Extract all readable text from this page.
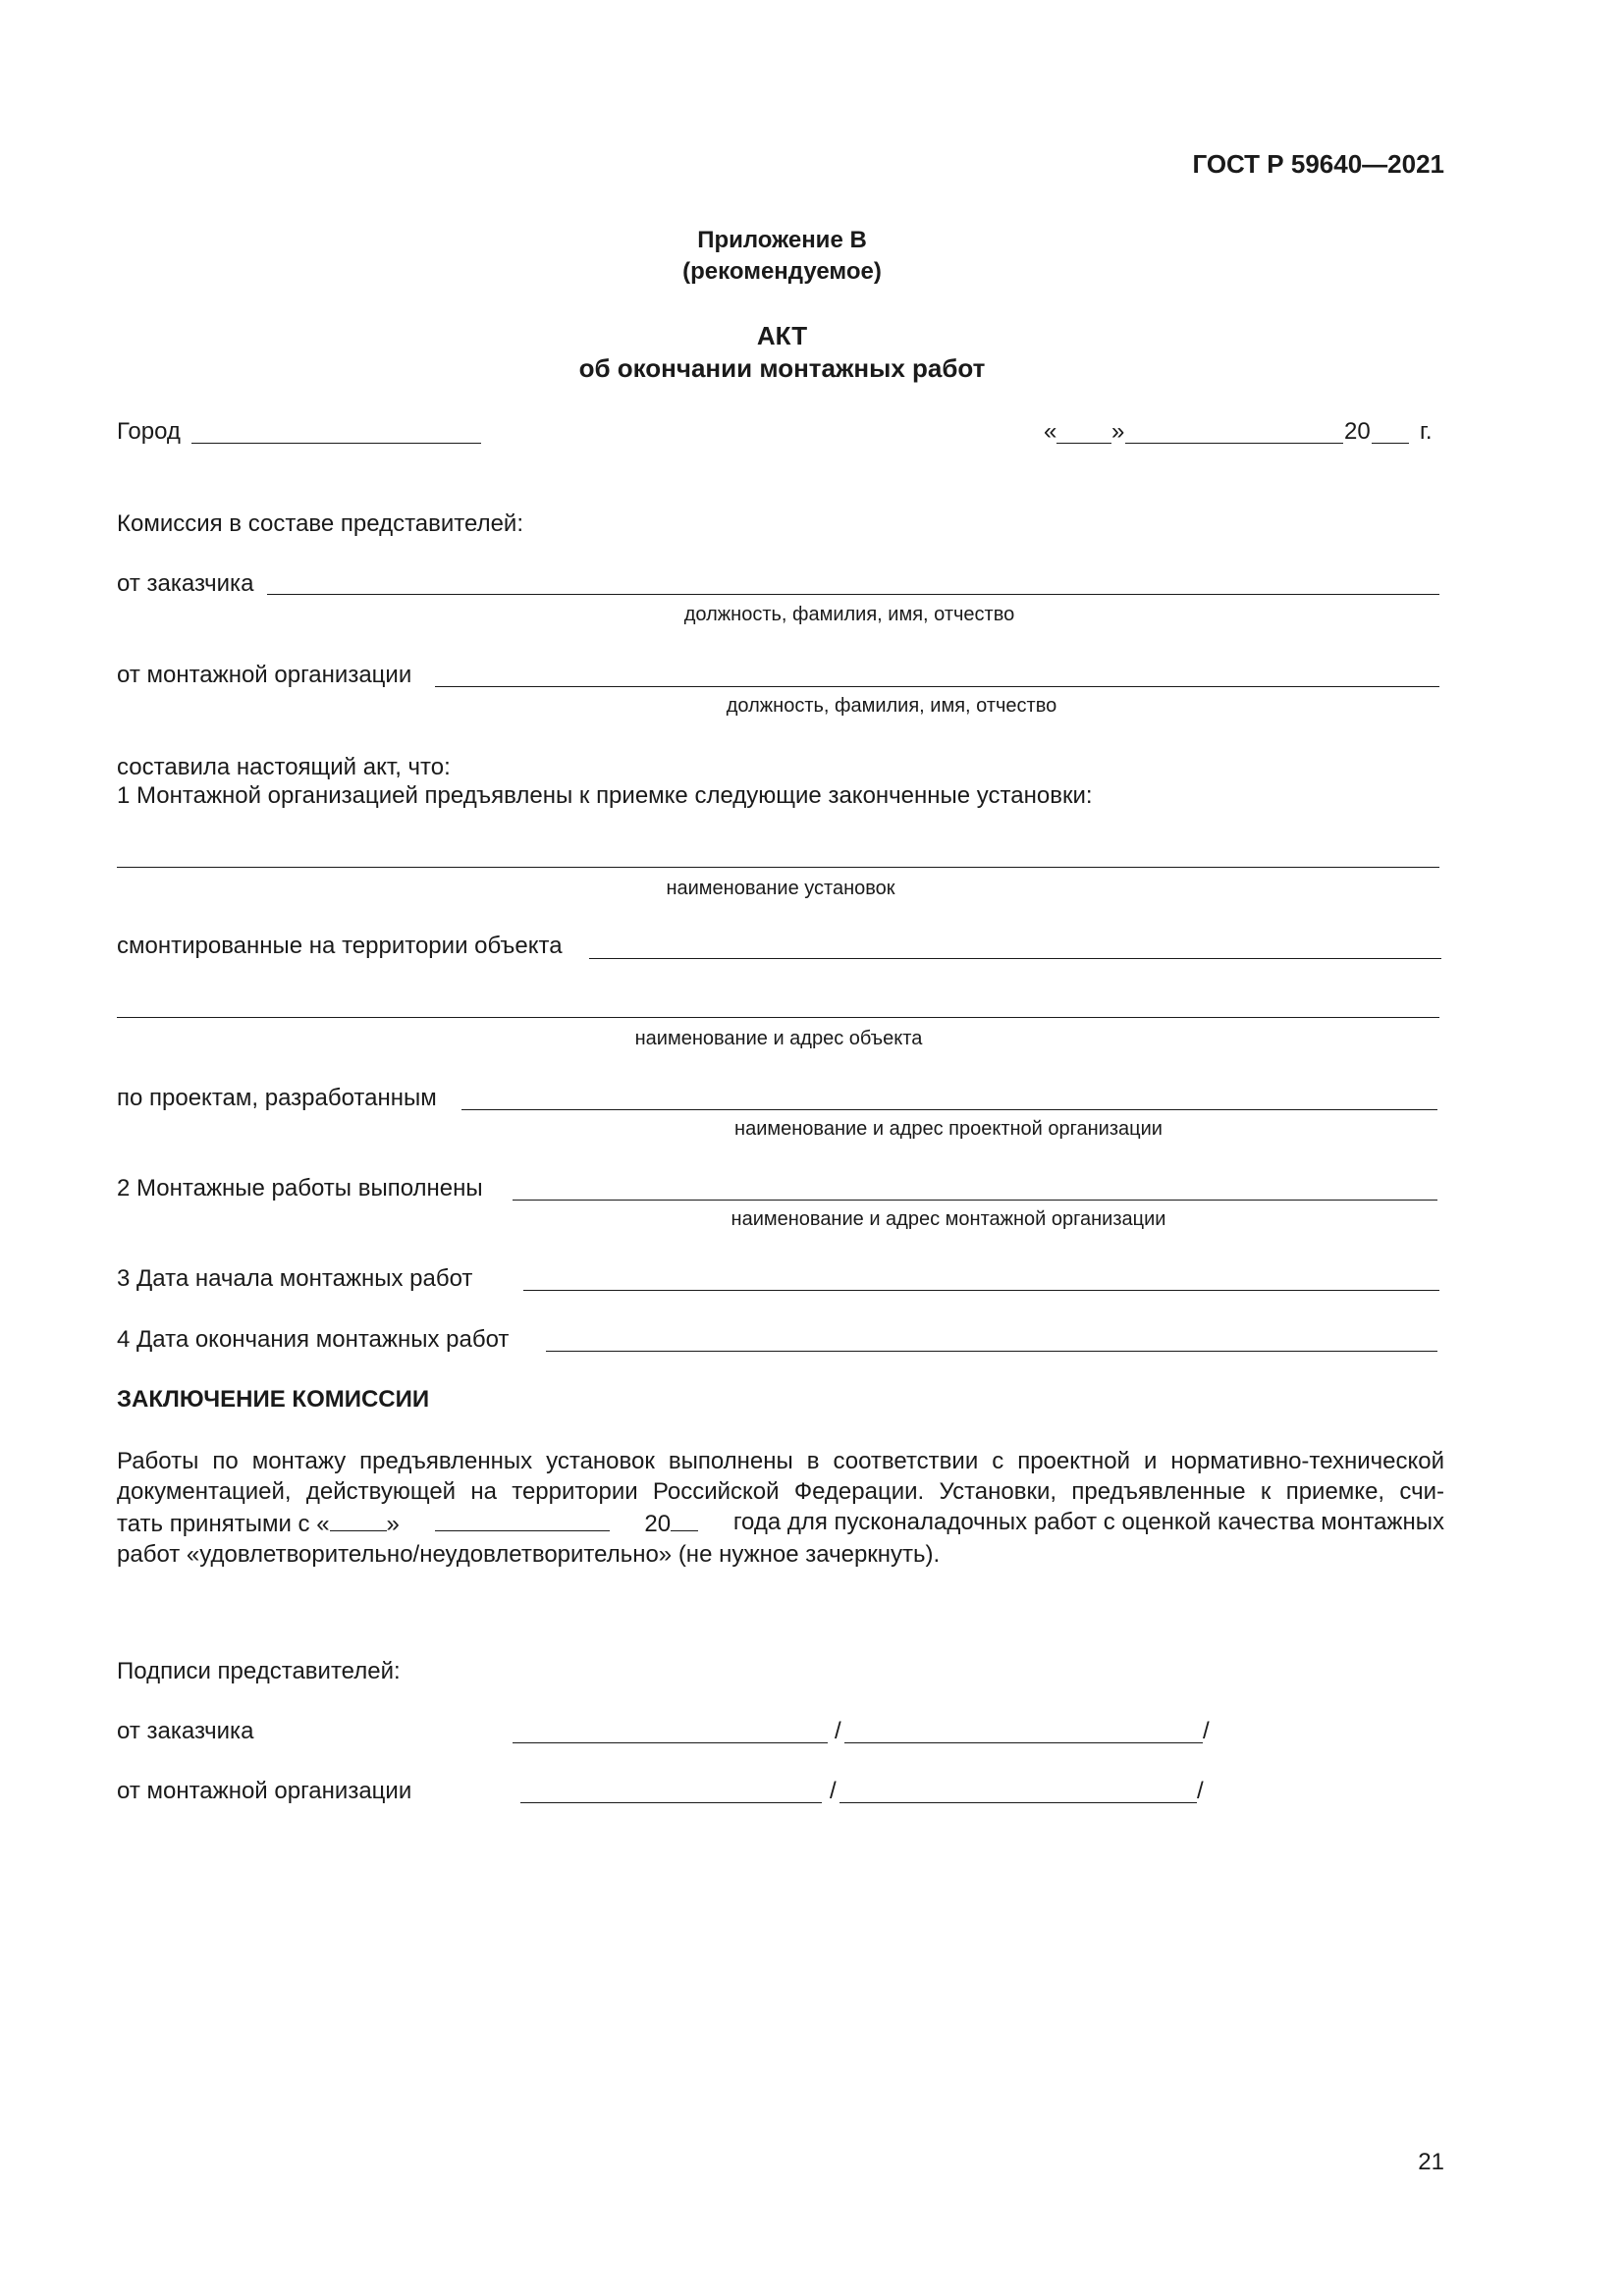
ГОСТ Р 59640—2021
Приложение В
(рекомендуемое)
АКТ
об окончании монтажных работ
Город	« »	20 г.
Комиссия в составе представителей:
от заказчика
должность, фамилия, имя, отчество
от монтажной организации
должность, фамилия, имя, отчество
составила настоящий акт, что:
1 Монтажной организацией предъявлены к приемке следующие законченные установки:
наименование установок
смонтированные на территории объекта
наименование и адрес объекта
по проектам, разработанным
наименование и адрес проектной организации
2 Монтажные работы выполнены
наименование и адрес монтажной организации
3 Дата начала монтажных работ
4 Дата окончания монтажных работ
ЗАКЛЮЧЕНИЕ КОМИССИИ
Работы по монтажу предъявленных установок выполнены в соответствии с проектной и нормативно-технической
документацией, действующей на территории Российской Федерации. Установки, предъявленные к приемке, счи-
тать принятыми с « »	20	года для пусконаладочных работ с оценкой качества монтажных
работ «удовлетворительно/неудовлетворительно» (не нужное зачеркнуть).
Подписи представителей:
от заказчика	/	/
от монтажной организации	/	/
21
